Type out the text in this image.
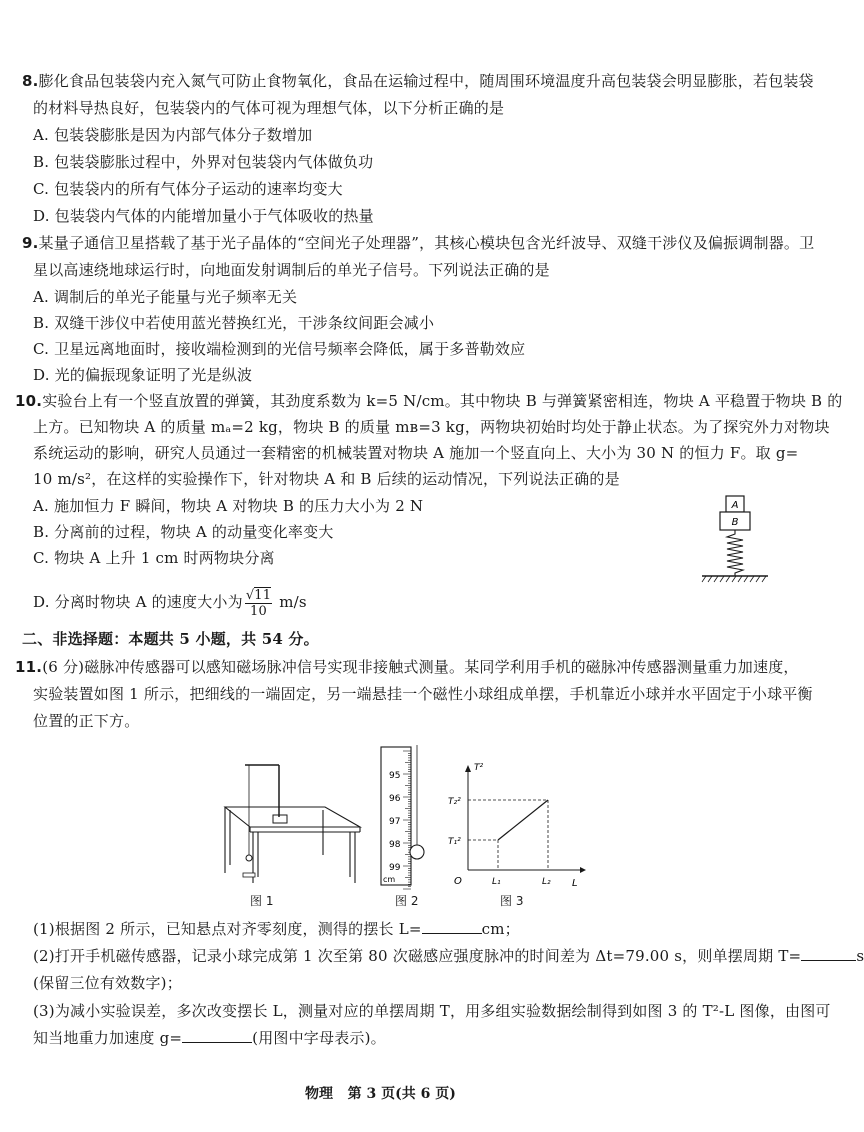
8.膨化食品包装袋内充入氮气可防止食物氧化，食品在运输过程中，随周围环境温度升高包装袋会明显膨胀，若包装袋
的材料导热良好，包装袋内的气体可视为理想气体，以下分析正确的是
A. 包装袋膨胀是因为内部气体分子数增加
B. 包装袋膨胀过程中，外界对包装袋内气体做负功
C. 包装袋内的所有气体分子运动的速率均变大
D. 包装袋内气体的内能增加量小于气体吸收的热量
9.某量子通信卫星搭载了基于光子晶体的“空间光子处理器”，其核心模块包含光纤波导、双缝干涉仪及偏振调制器。卫
星以高速绕地球运行时，向地面发射调制后的单光子信号。下列说法正确的是
A. 调制后的单光子能量与光子频率无关
B. 双缝干涉仪中若使用蓝光替换红光，干涉条纹间距会减小
C. 卫星远离地面时，接收端检测到的光信号频率会降低，属于多普勒效应
D. 光的偏振现象证明了光是纵波
10.实验台上有一个竖直放置的弹簧，其劲度系数为 k=5 N/cm。其中物块 B 与弹簧紧密相连，物块 A 平稳置于物块 B 的
上方。已知物块 A 的质量 mₐ=2 kg，物块 B 的质量 mʙ=3 kg，两物块初始时均处于静止状态。为了探究外力对物块
系统运动的影响，研究人员通过一套精密的机械装置对物块 A 施加一个竖直向上、大小为 30 N 的恒力 F。取 g=
10 m/s²，在这样的实验操作下，针对物块 A 和 B 后续的运动情况，下列说法正确的是
A. 施加恒力 F 瞬间，物块 A 对物块 B 的压力大小为 2 N
B. 分离前的过程，物块 A 的动量变化率变大
C. 物块 A 上升 1 cm 时两物块分离
D. 分离时物块 A 的速度大小为 $\frac{√11}{10} m/s$
A
B
二、非选择题：本题共 5 小题，共 54 分。
11.(6 分)磁脉冲传感器可以感知磁场脉冲信号实现非接触式测量。某同学利用手机的磁脉冲传感器测量重力加速度，
实验装置如图 1 所示，把细线的一端固定，另一端悬挂一个磁性小球组成单摆，手机靠近小球并水平固定于小球平衡
位置的正下方。
图 1
95
96
97
98
99
cm
图 2
T²
L
O
T₁²
T₂²
L₁	L₂
图 3
(1)根据图 2 所示，已知悬点对齐零刻度，测得的摆长 L=	cm；
(2)打开手机磁传感器，记录小球完成第 1 次至第 80 次磁感应强度脉冲的时间差为 Δt=79.00 s，则单摆周期 T=	s
(保留三位有效数字)；
(3)为减小实验误差，多次改变摆长 L，测量对应的单摆周期 T，用多组实验数据绘制得到如图 3 的 T²-L 图像，由图可
知当地重力加速度 g=	(用图中字母表示)。
物理 第 3 页(共 6 页)
